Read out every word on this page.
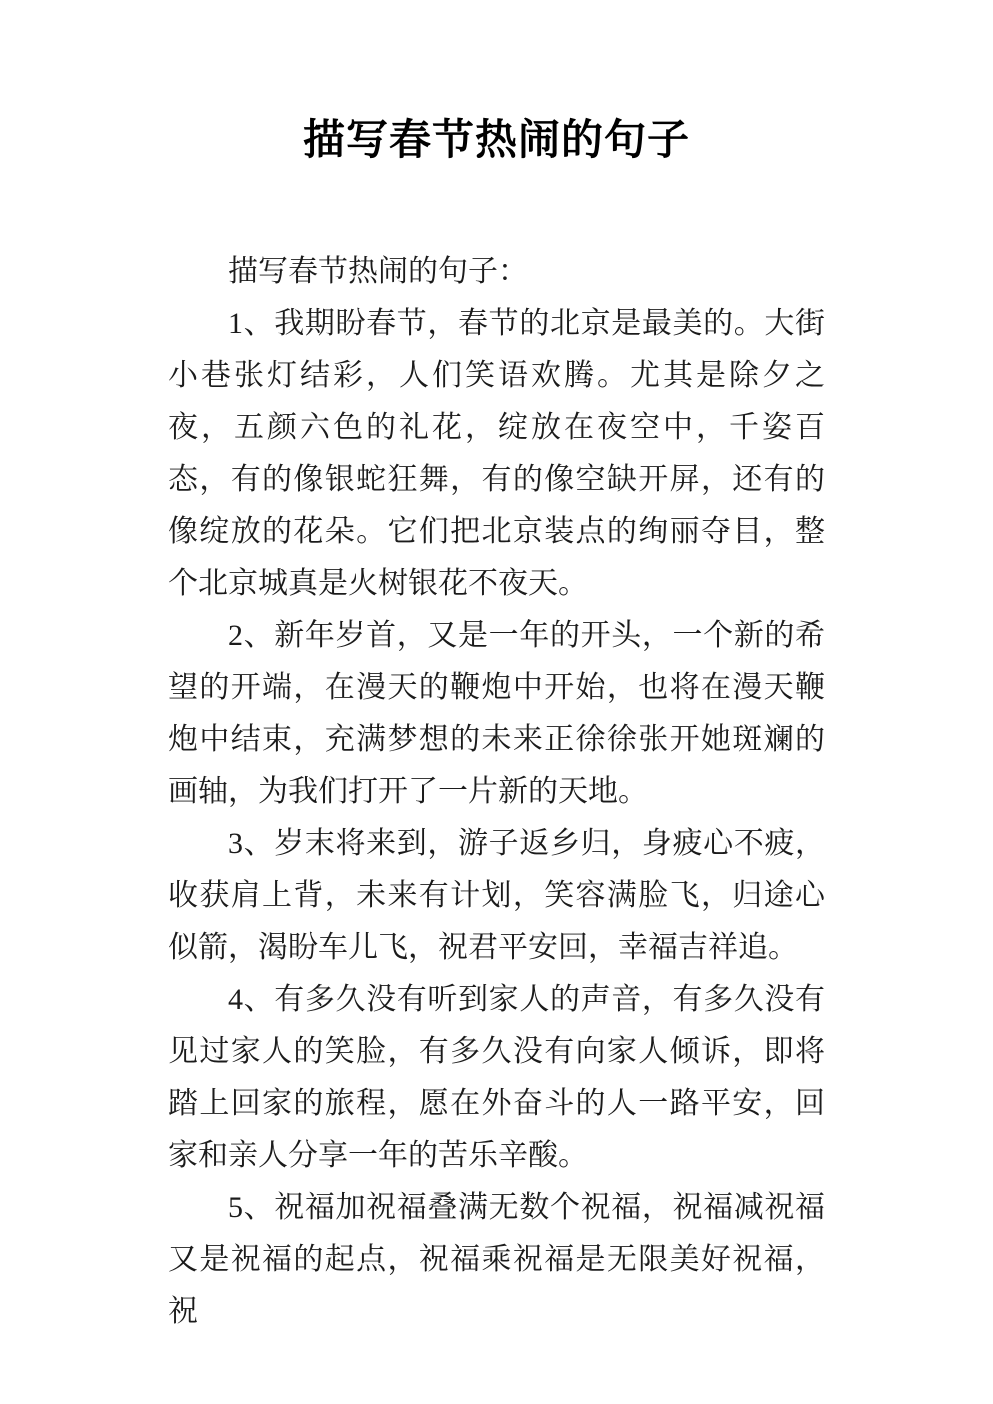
描写春节热闹的句子

描写春节热闹的句子：

1、我期盼春节，春节的北京是最美的。大街小巷张灯结彩，人们笑语欢腾。尤其是除夕之夜，五颜六色的礼花，绽放在夜空中，千姿百态，有的像银蛇狂舞，有的像空缺开屏，还有的像绽放的花朵。它们把北京装点的绚丽夺目，整个北京城真是火树银花不夜天。

2、新年岁首，又是一年的开头，一个新的希望的开端，在漫天的鞭炮中开始，也将在漫天鞭炮中结束，充满梦想的未来正徐徐张开她斑斓的画轴，为我们打开了一片新的天地。

3、岁末将来到，游子返乡归，身疲心不疲，收获肩上背，未来有计划，笑容满脸飞，归途心似箭，渴盼车儿飞，祝君平安回，幸福吉祥追。

4、有多久没有听到家人的声音，有多久没有见过家人的笑脸，有多久没有向家人倾诉，即将踏上回家的旅程，愿在外奋斗的人一路平安，回家和亲人分享一年的苦乐辛酸。

5、祝福加祝福叠满无数个祝福，祝福减祝福又是祝福的起点，祝福乘祝福是无限美好祝福，祝
